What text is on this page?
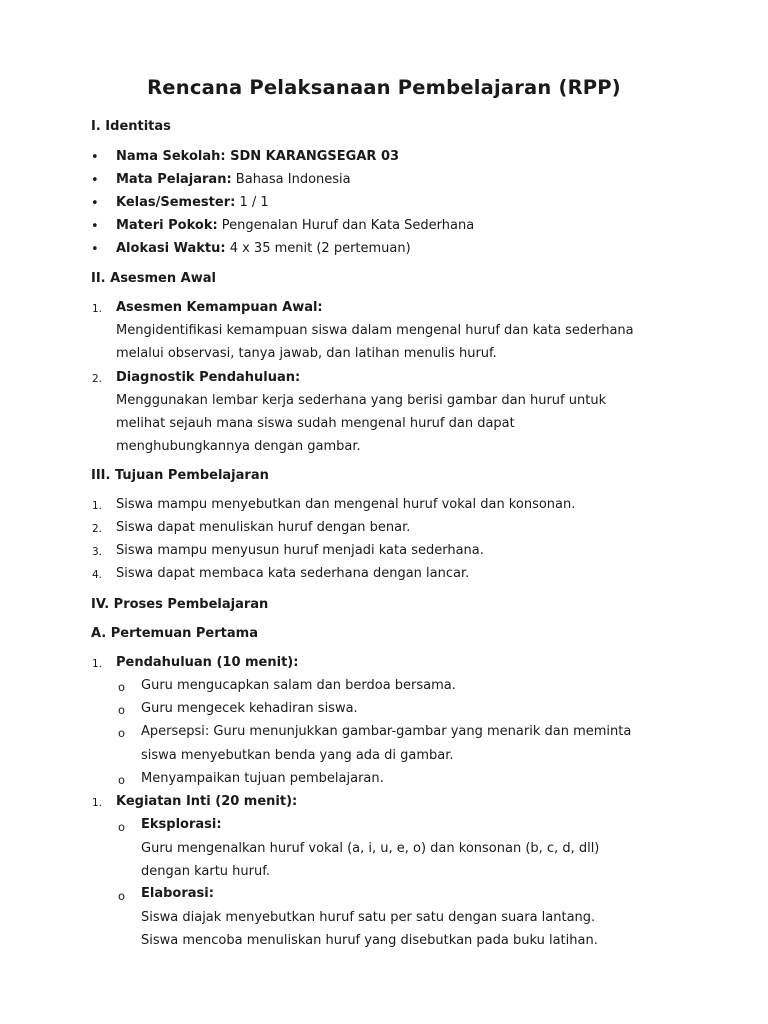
Rencana Pelaksanaan Pembelajaran (RPP)
I. Identitas
• Nama Sekolah: SDN KARANGSEGAR 03
• Mata Pelajaran: Bahasa Indonesia
• Kelas/Semester: 1 / 1
• Materi Pokok: Pengenalan Huruf dan Kata Sederhana
• Alokasi Waktu: 4 x 35 menit (2 pertemuan)
II. Asesmen Awal
1. Asesmen Kemampuan Awal:
Mengidentifikasi kemampuan siswa dalam mengenal huruf dan kata sederhana
melalui observasi, tanya jawab, dan latihan menulis huruf.
2. Diagnostik Pendahuluan:
Menggunakan lembar kerja sederhana yang berisi gambar dan huruf untuk
melihat sejauh mana siswa sudah mengenal huruf dan dapat
menghubungkannya dengan gambar.
III. Tujuan Pembelajaran
1. Siswa mampu menyebutkan dan mengenal huruf vokal dan konsonan.
2. Siswa dapat menuliskan huruf dengan benar.
3. Siswa mampu menyusun huruf menjadi kata sederhana.
4. Siswa dapat membaca kata sederhana dengan lancar.
IV. Proses Pembelajaran
A. Pertemuan Pertama
1. Pendahuluan (10 menit):
o Guru mengucapkan salam dan berdoa bersama.
o Guru mengecek kehadiran siswa.
o Apersepsi: Guru menunjukkan gambar-gambar yang menarik dan meminta
siswa menyebutkan benda yang ada di gambar.
o Menyampaikan tujuan pembelajaran.
1. Kegiatan Inti (20 menit):
o Eksplorasi:
Guru mengenalkan huruf vokal (a, i, u, e, o) dan konsonan (b, c, d, dll)
dengan kartu huruf.
o Elaborasi:
Siswa diajak menyebutkan huruf satu per satu dengan suara lantang.
Siswa mencoba menuliskan huruf yang disebutkan pada buku latihan.
